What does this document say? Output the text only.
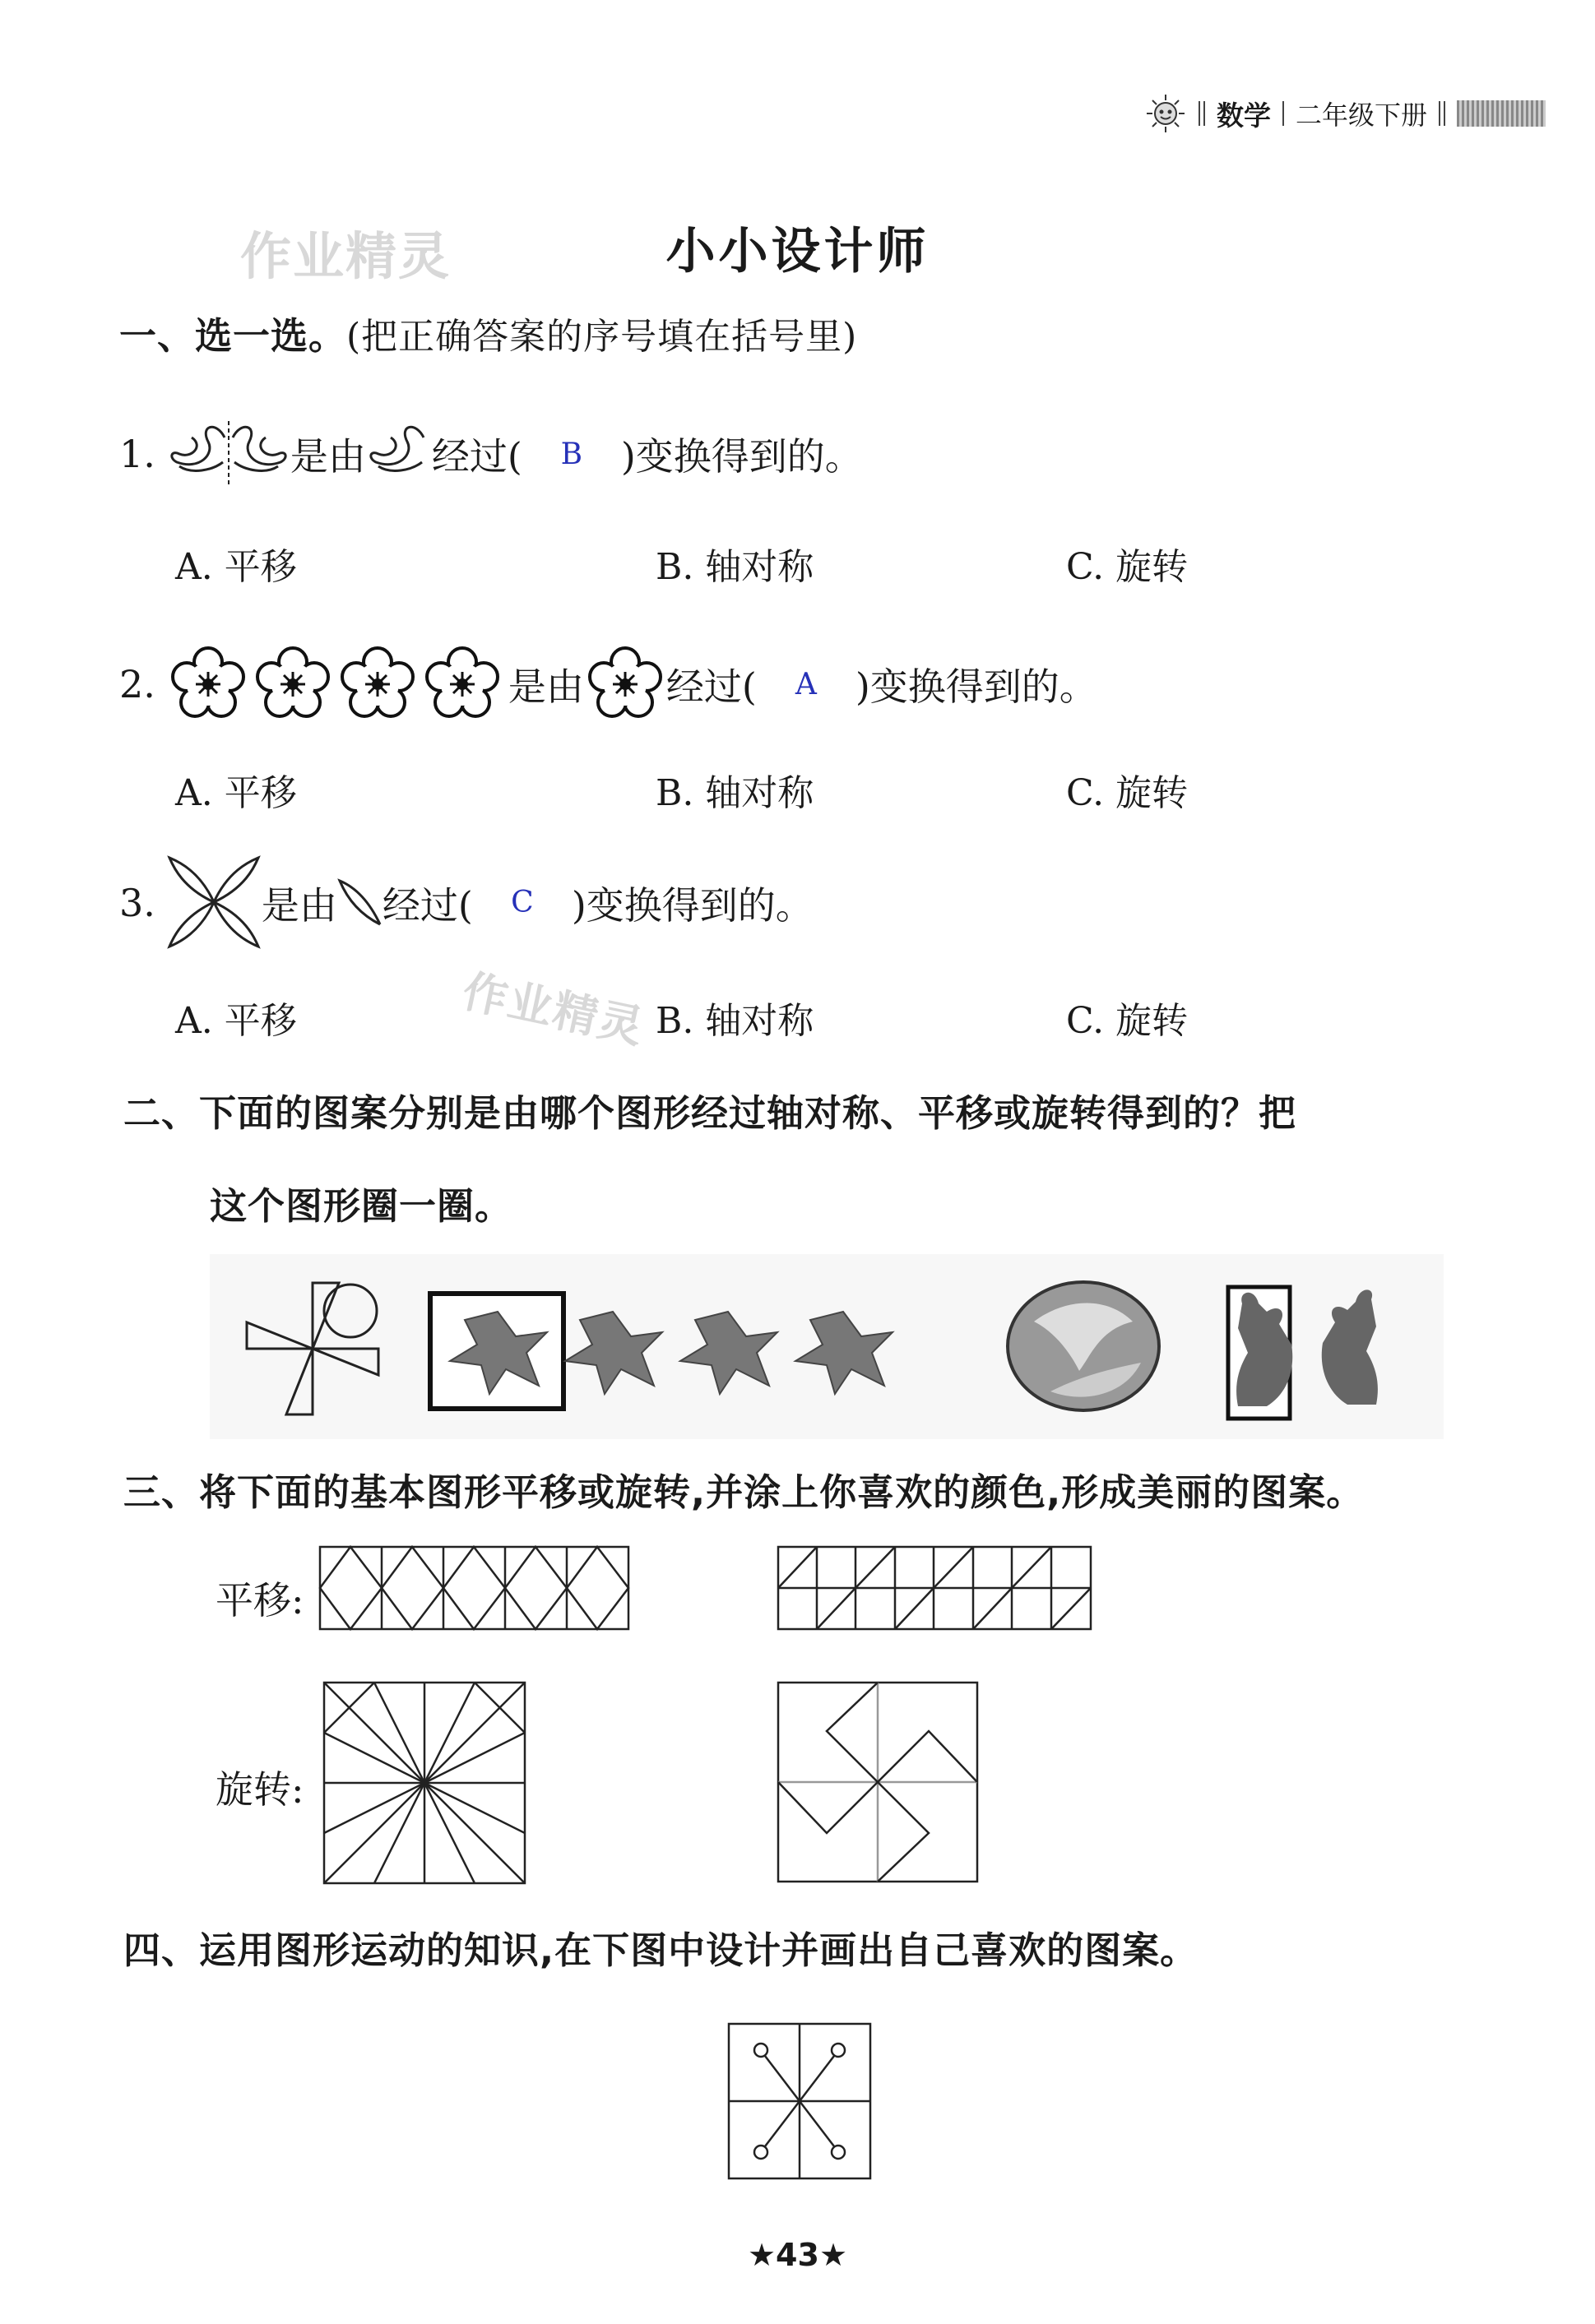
数学 二年级下册
作业精灵
作业精灵
小小设计师
一、选一选。(把正确答案的序号填在括号里)
1.	是由 经过(	B	)变换得到的。
A. 平移	B. 轴对称	C. 旋转
2.	是由 经过(	A	)变换得到的。
A. 平移	B. 轴对称	C. 旋转
3.	是由 经过(	C	)变换得到的。
A. 平移	B. 轴对称	C. 旋转
二、下面的图案分别是由哪个图形经过轴对称、平移或旋转得到的？把
这个图形圈一圈。
三、将下面的基本图形平移或旋转,并涂上你喜欢的颜色,形成美丽的图案。
平移:
旋转:
四、运用图形运动的知识,在下图中设计并画出自己喜欢的图案。
★43★
